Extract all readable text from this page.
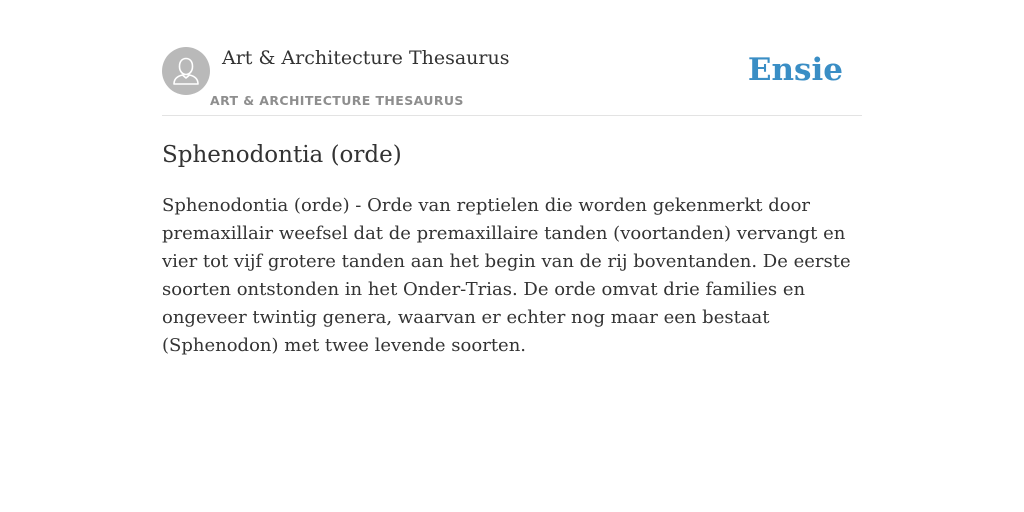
Art & Architecture Thesaurus
ART & ARCHITECTURE THESAURUS
Ensie
Sphenodontia (orde)

Sphenodontia (orde) - Orde van reptielen die worden gekenmerkt door premaxillair weefsel dat de premaxillaire tanden (voortanden) vervangt en vier tot vijf grotere tanden aan het begin van de rij boventanden. De eerste soorten ontstonden in het Onder-Trias. De orde omvat drie families en ongeveer twintig genera, waarvan er echter nog maar een bestaat (Sphenodon) met twee levende soorten.
